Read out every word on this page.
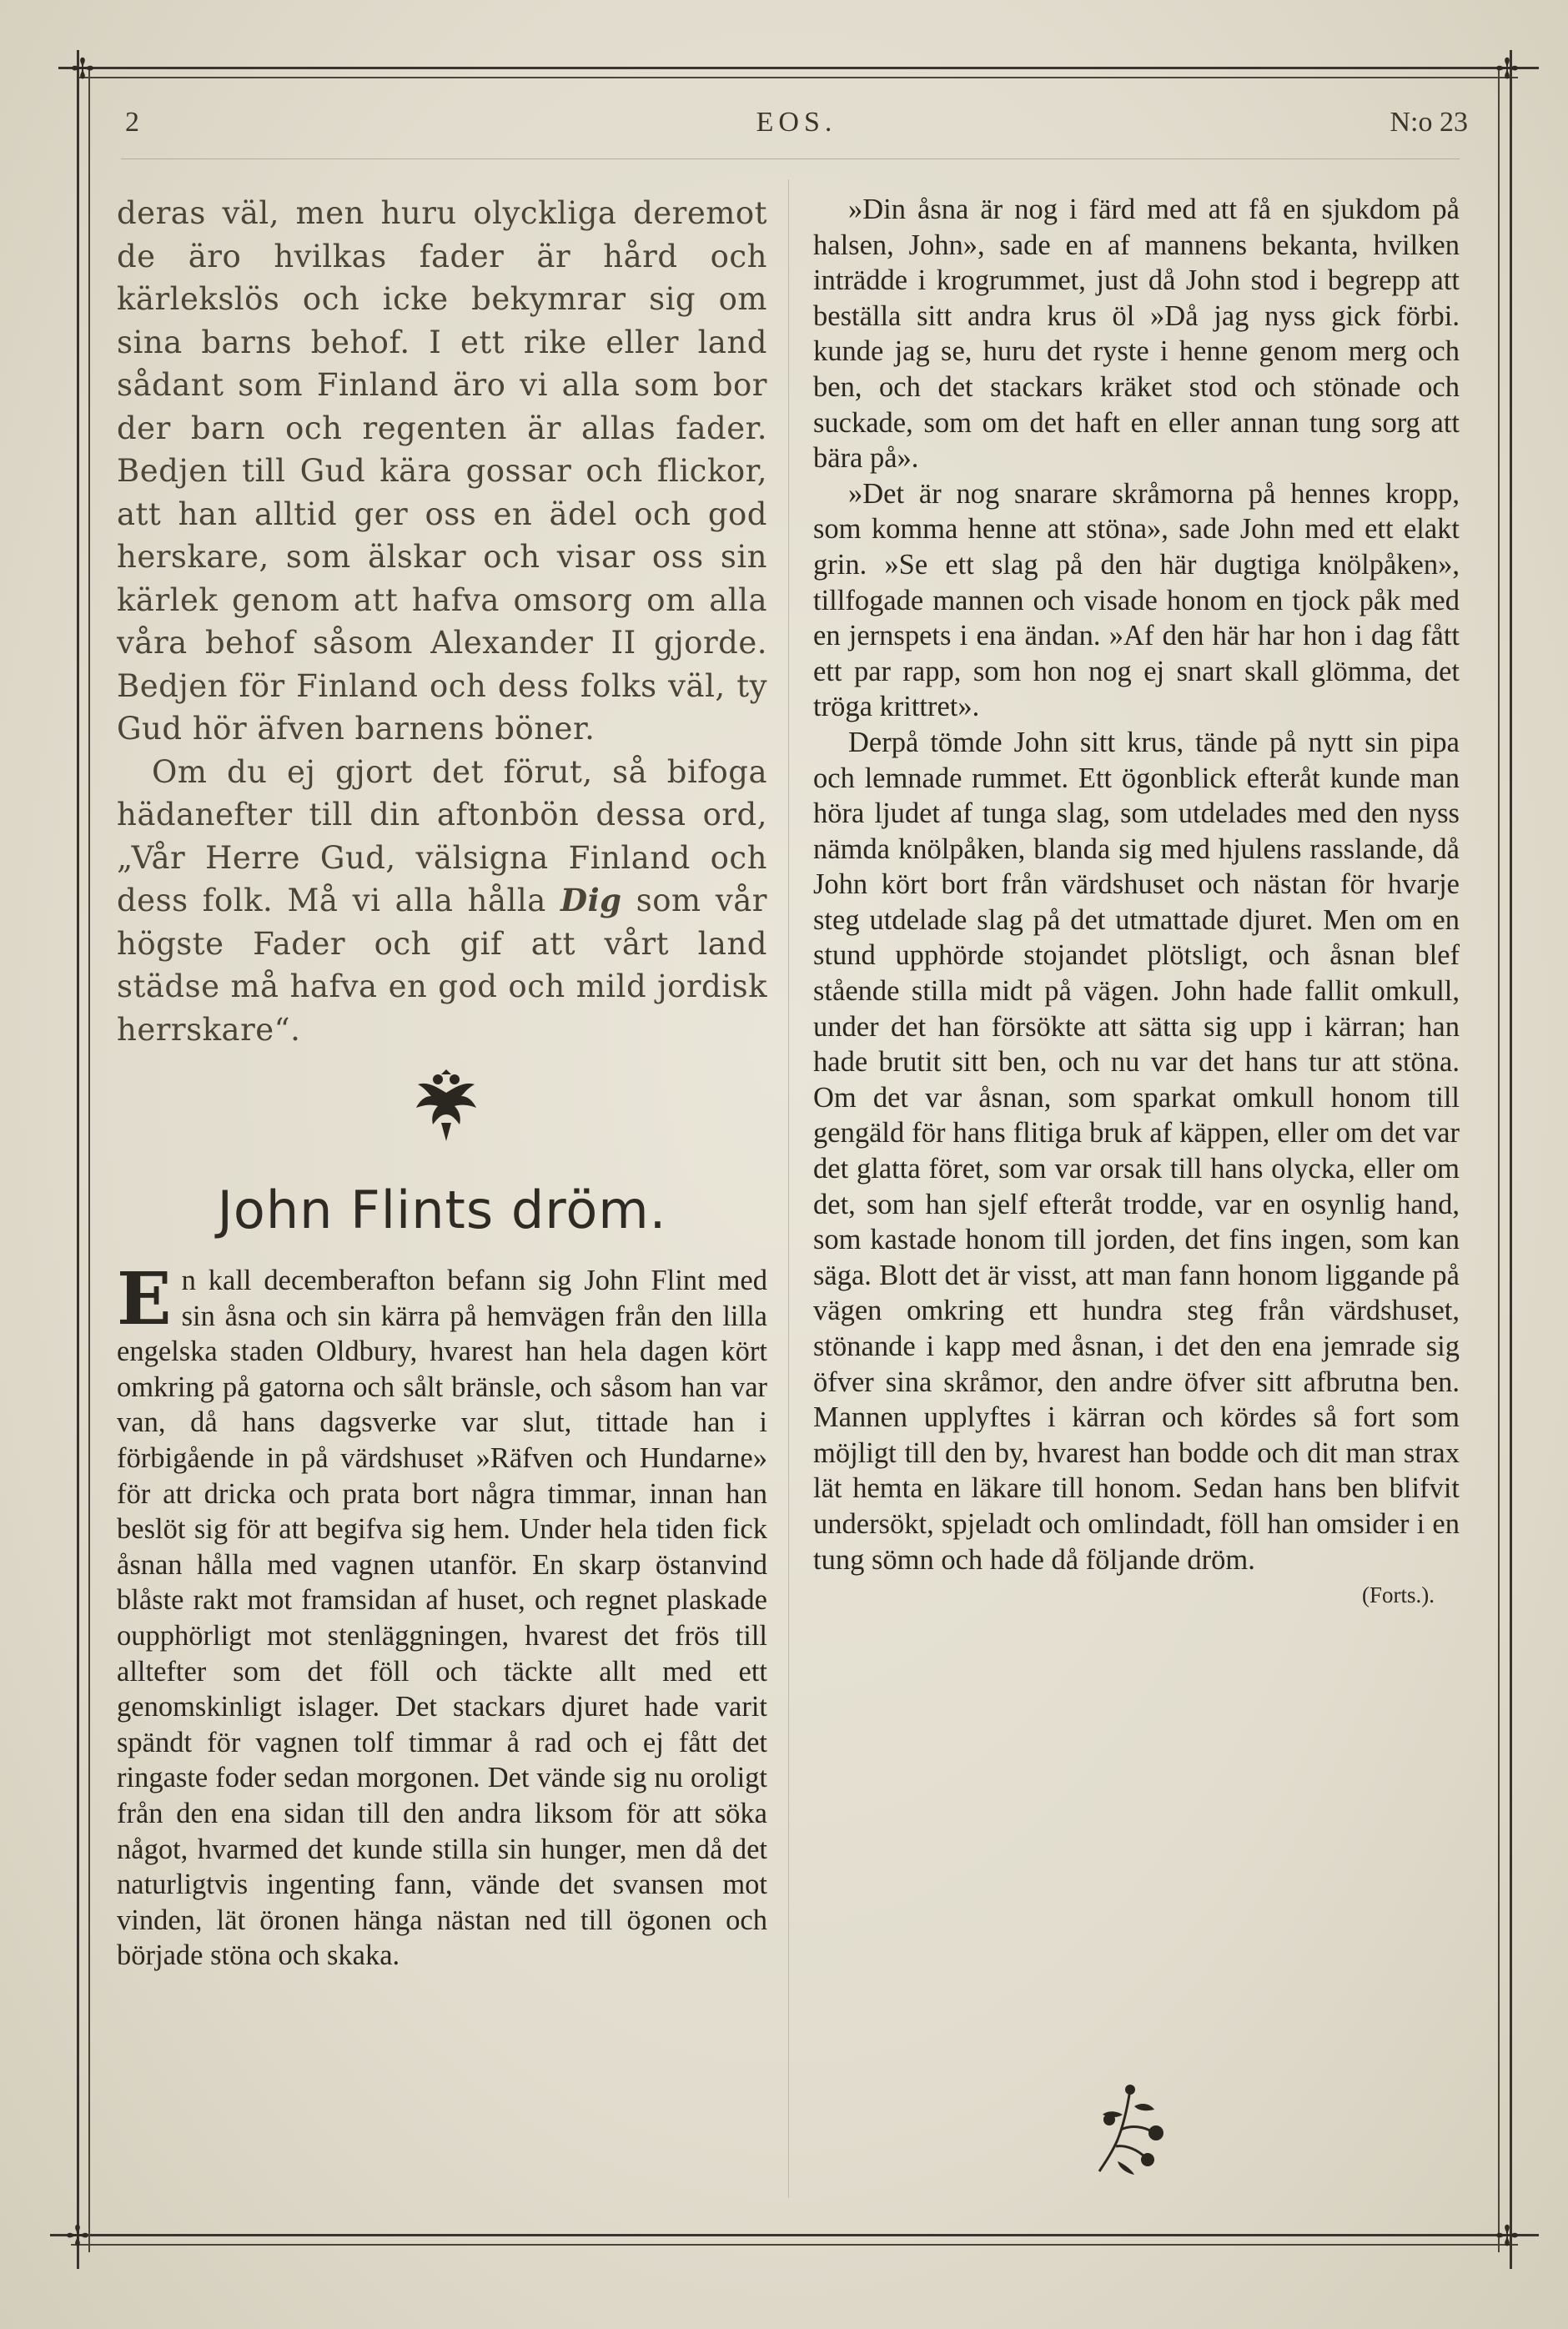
✢	✢
✢	✢
2	EOS.	N:o 23

deras väl, men huru olyckliga deremot de äro hvilkas fader är hård och kärlekslös och icke bekymrar sig om sina barns behof. I ett rike eller land sådant som Finland äro vi alla som bor der barn och regenten är allas fader. Bedjen till Gud kära gossar och flickor, att han alltid ger oss en ädel och god herskare, som älskar och visar oss sin kärlek genom att hafva omsorg om alla våra behof såsom Alexander II gjorde. Bedjen för Finland och dess folks väl, ty Gud hör äfven barnens böner.

Om du ej gjort det förut, så bifoga hädanefter till din aftonbön dessa ord, „Vår Herre Gud, välsigna Finland och dess folk. Må vi alla hålla Dig som vår högste Fader och gif att vårt land städse må hafva en god och mild jordisk herrskare“.

John Flints dröm.

En kall decemberafton befann sig John Flint med sin åsna och sin kärra på hemvägen från den lilla engelska staden Oldbury, hvarest han hela dagen kört omkring på gatorna och sålt bränsle, och såsom han var van, då hans dagsverke var slut, tittade han i förbigående in på värdshuset »Räfven och Hundarne» för att dricka och prata bort några timmar, innan han beslöt sig för att begifva sig hem. Under hela tiden fick åsnan hålla med vagnen utanför. En skarp östanvind blåste rakt mot framsidan af huset, och regnet plaskade oupphörligt mot stenläggningen, hvarest det frös till alltefter som det föll och täckte allt med ett genomskinligt islager. Det stackars djuret hade varit spändt för vagnen tolf timmar å rad och ej fått det ringaste foder sedan morgonen. Det vände sig nu oroligt från den ena sidan till den andra liksom för att söka något, hvarmed det kunde stilla sin hunger, men då det naturligtvis ingenting fann, vände det svansen mot vinden, lät öronen hänga nästan ned till ögonen och började stöna och skaka.

»Din åsna är nog i färd med att få en sjukdom på halsen, John», sade en af mannens bekanta, hvilken inträdde i krogrummet, just då John stod i begrepp att beställa sitt andra krus öl »Då jag nyss gick förbi. kunde jag se, huru det ryste i henne genom merg och ben, och det stackars kräket stod och stönade och suckade, som om det haft en eller annan tung sorg att bära på».

»Det är nog snarare skråmorna på hennes kropp, som komma henne att stöna», sade John med ett elakt grin. »Se ett slag på den här dugtiga knölpåken», tillfogade mannen och visade honom en tjock påk med en jernspets i ena ändan. »Af den här har hon i dag fått ett par rapp, som hon nog ej snart skall glömma, det tröga krittret».

Derpå tömde John sitt krus, tände på nytt sin pipa och lemnade rummet. Ett ögonblick efteråt kunde man höra ljudet af tunga slag, som utdelades med den nyss nämda knölpåken, blanda sig med hjulens rasslande, då John kört bort från värdshuset och nästan för hvarje steg utdelade slag på det utmattade djuret. Men om en stund upphörde stojandet plötsligt, och åsnan blef stående stilla midt på vägen. John hade fallit omkull, under det han försökte att sätta sig upp i kärran; han hade brutit sitt ben, och nu var det hans tur att stöna. Om det var åsnan, som sparkat omkull honom till gengäld för hans flitiga bruk af käppen, eller om det var det glatta föret, som var orsak till hans olycka, eller om det, som han sjelf efteråt trodde, var en osynlig hand, som kastade honom till jorden, det fins ingen, som kan säga. Blott det är visst, att man fann honom liggande på vägen omkring ett hundra steg från värdshuset, stönande i kapp med åsnan, i det den ena jemrade sig öfver sina skråmor, den andre öfver sitt afbrutna ben. Mannen upplyftes i kärran och kördes så fort som möjligt till den by, hvarest han bodde och dit man strax lät hemta en läkare till honom. Sedan hans ben blifvit undersökt, spjeladt och omlindadt, föll han omsider i en tung sömn och hade då följande dröm.

(Forts.).
